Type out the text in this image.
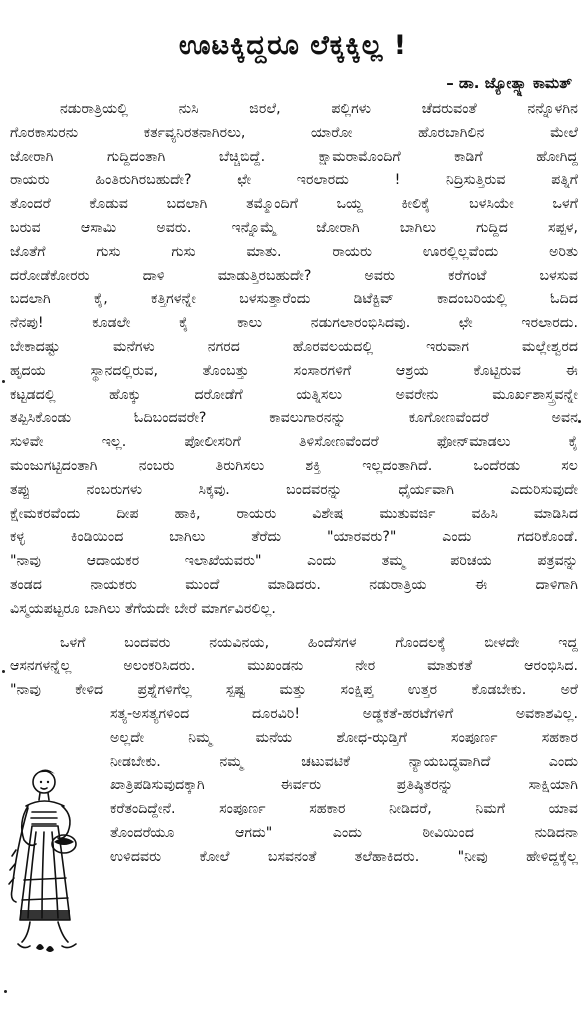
ಊಟಕ್ಕಿದ್ದರೂ ಲೆಕ್ಕಕ್ಕಿಲ್ಲ !
– ಡಾ. ಜ್ಯೋತ್ಸ್ನಾ ಕಾಮತ್
ನಡುರಾತ್ರಿಯಲ್ಲಿ ನುಸಿ ಜಿರಲೆ, ಪಲ್ಲಿಗಳು ಚೆದರುವಂತೆ ನನ್ನೊಳಗಿನ
ಗೊರಕಾಸುರನು ಕರ್ತವ್ಯನಿರತನಾಗಿರಲು, ಯಾರೋ ಹೊರಬಾಗಿಲಿನ ಮೇಲೆ
ಜೋರಾಗಿ ಗುದ್ದಿದಂತಾಗಿ ಬೆಚ್ಚಿಬಿದ್ದೆ. ಕ್ಷಾಮರಾಮೊಂದಿಗೆ ಕಾಡಿಗೆ ಹೋಗಿದ್ದ
ರಾಯರು ಹಿಂತಿರುಗಿರಬಹುದೇ? ಛೇ ಇರಲಾರದು ! ನಿದ್ರಿಸುತ್ತಿರುವ ಪತ್ನಿಗೆ
ತೊಂದರೆ ಕೊಡುವ ಬದಲಾಗಿ ತಮ್ಮೊಂದಿಗೆ ಒಯ್ದ ಕೀಲಿಕೈ ಬಳಸಿಯೇ ಒಳಗೆ
ಬರುವ ಆಸಾಮಿ ಅವರು. ಇನ್ನೊಮ್ಮೆ ಜೋರಾಗಿ ಬಾಗಿಲು ಗುದ್ದಿದ ಸಪ್ಪಳ,
ಜೊತೆಗೆ ಗುಸು ಗುಸು ಮಾತು. ರಾಯರು ಊರಲ್ಲಿಲ್ಲವೆಂದು ಅರಿತು
ದರೋಡೆಕೋರರು ದಾಳಿ ಮಾಡುತ್ತಿರಬಹುದೇ? ಅವರು ಕರೆಗಂಟೆ ಬಳಸುವ
ಬದಲಾಗಿ ಕೈ, ಕತ್ತಿಗಳನ್ನೇ ಬಳಸುತ್ತಾರೆಂದು ಡಿಟೆಕ್ಟಿವ್ ಕಾದಂಬರಿಯಲ್ಲಿ ಓದಿದ
ನೆನಪು! ಕೂಡಲೇ ಕೈ ಕಾಲು ನಡುಗಲಾರಂಭಿಸಿದವು. ಛೇ ಇರಲಾರದು.
ಬೇಕಾದಷ್ಟು ಮನೆಗಳು ನಗರದ ಹೊರವಲಯದಲ್ಲಿ ಇರುವಾಗ ಮಲ್ಲೇಶ್ವರದ
ಹೃದಯ ಸ್ಥಾನದಲ್ಲಿರುವ, ತೊಂಬತ್ತು ಸಂಸಾರಗಳಿಗೆ ಆಶ್ರಯ ಕೊಟ್ಟಿರುವ ಈ
ಕಟ್ಟಡದಲ್ಲಿ ಹೊಕ್ಕು ದರೋಡೆಗೆ ಯತ್ನಿಸಲು ಅವರೇನು ಮೂರ್ಖಶಾಸ್ತ್ರವನ್ನೇ
ತಪ್ಪಿಸಿಕೊಂಡು ಓದಿಬಂದವರೇ? ಕಾವಲುಗಾರನನ್ನು ಕೂಗೋಣವೆಂದರೆ ಅವನ
ಸುಳಿವೇ ಇಲ್ಲ. ಪೋಲೀಸರಿಗೆ ತಿಳಿಸೋಣವೆಂದರೆ ಫೋನ್‌ಮಾಡಲು ಕೈ
ಮಂಜುಗಟ್ಟಿದಂತಾಗಿ ನಂಬರು ತಿರುಗಿಸಲು ಶಕ್ತಿ ಇಲ್ಲದಂತಾಗಿದೆ. ಒಂದೆರಡು ಸಲ
ತಪ್ಪು ನಂಬರುಗಳು ಸಿಕ್ಕವು. ಬಂದವರನ್ನು ಧೈರ್ಯವಾಗಿ ಎದುರಿಸುವುದೇ
ಕ್ಷೇಮಕರವೆಂದು ದೀಪ ಹಾಕಿ, ರಾಯರು ವಿಶೇಷ ಮುತುವರ್ಜಿ ವಹಿಸಿ ಮಾಡಿಸಿದ
ಕಳ್ಳ ಕಿಂಡಿಯಿಂದ ಬಾಗಿಲು ತೆರೆದು "ಯಾರವರು?" ಎಂದು ಗದರಿಕೊಂಡೆ.
"ನಾವು ಆದಾಯಕರ ಇಲಾಖೆಯವರು" ಎಂದು ತಮ್ಮ ಪರಿಚಯ ಪತ್ರವನ್ನು
ತಂಡದ ನಾಯಕರು ಮುಂದೆ ಮಾಡಿದರು. ನಡುರಾತ್ರಿಯ ಈ ದಾಳಿಗಾಗಿ
ವಿಸ್ಮಯಪಟ್ಟರೂ ಬಾಗಿಲು ತೆಗೆಯದೇ ಬೇರೆ ಮಾರ್ಗವಿರಲಿಲ್ಲ.
ಒಳಗೆ ಬಂದವರು ನಯವಿನಯ, ಹಿಂದೆಸಗಳ ಗೊಂದಲಕ್ಕೆ ಬೀಳದೇ ಇದ್ದ
ಆಸನಗಳನ್ನೆಲ್ಲ ಅಲಂಕರಿಸಿದರು. ಮುಖಂಡನು ನೇರ ಮಾತುಕತೆ ಆರಂಭಿಸಿದ.
"ನಾವು ಕೇಳಿದ ಪ್ರಶ್ನೆಗಳಿಗೆಲ್ಲ ಸ್ಪಷ್ಟ ಮತ್ತು ಸಂಕ್ಷಿಪ್ತ ಉತ್ತರ ಕೊಡಬೇಕು. ಅರೆ
ಸತ್ಯ-ಅಸತ್ಯಗಳಿಂದ ದೂರವಿರಿ! ಅಡ್ಡಕತೆ-ಹರಟೆಗಳಿಗೆ ಅವಕಾಶವಿಲ್ಲ.
ಅಲ್ಲದೇ ನಿಮ್ಮ ಮನೆಯ ಶೋಧ-ಝಡ್ತಿಗೆ ಸಂಪೂರ್ಣ ಸಹಕಾರ
ನೀಡಬೇಕು. ನಮ್ಮ ಚಟುವಟಿಕೆ ನ್ಯಾಯಬದ್ಧವಾಗಿದೆ ಎಂದು
ಖಾತ್ರಿಪಡಿಸುವುದಕ್ಕಾಗಿ ಈರ್ವರು ಪ್ರತಿಷ್ಠಿತರನ್ನು ಸಾಕ್ಷಿಯಾಗಿ
ಕರೆತಂದಿದ್ದೇನೆ. ಸಂಪೂರ್ಣ ಸಹಕಾರ ನೀಡಿದರೆ, ನಿಮಗೆ ಯಾವ
ತೊಂದರೆಯೂ ಆಗದು" ಎಂದು ಠೀವಿಯಿಂದ ನುಡಿದನಾ
ಉಳಿದವರು ಕೋಲೆ ಬಸವನಂತೆ ತಲೆಹಾಕಿದರು. "ನೀವು ಹೇಳಿದ್ದಕ್ಕೆಲ್ಲ
